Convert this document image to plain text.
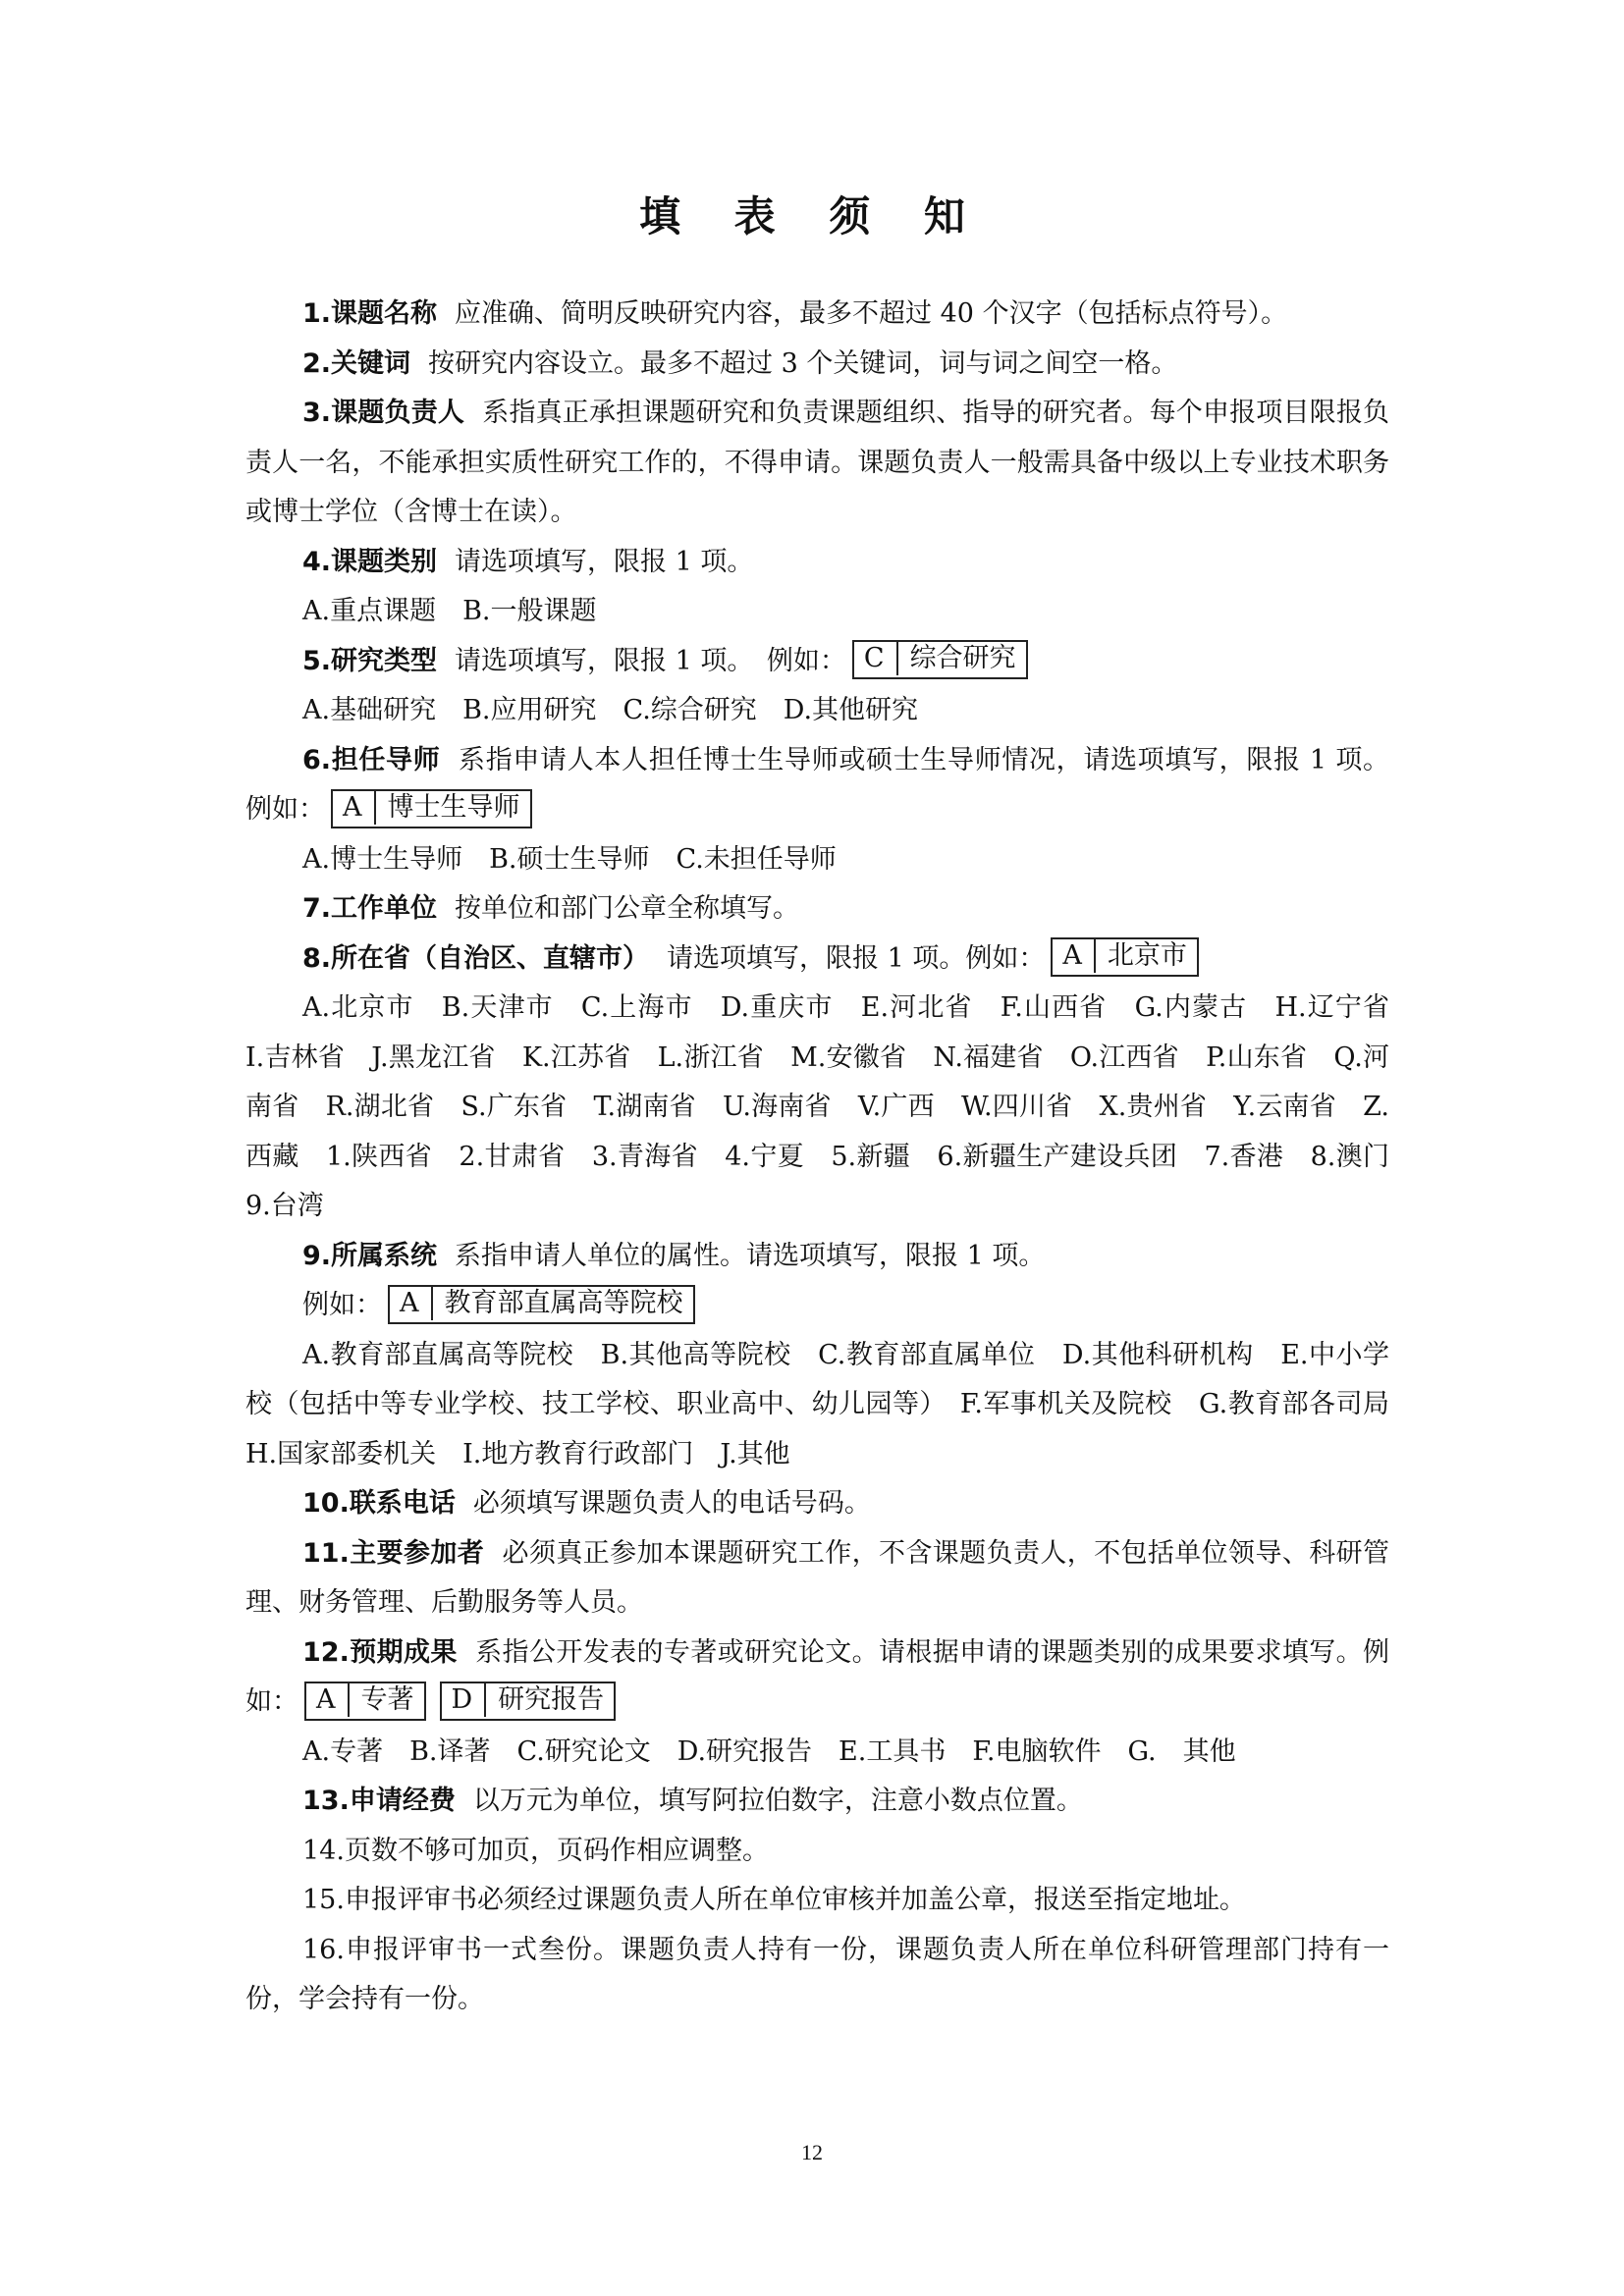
填 表 须 知

1.课题名称 应准确、简明反映研究内容，最多不超过 40 个汉字（包括标点符号）。

2.关键词 按研究内容设立。最多不超过 3 个关键词，词与词之间空一格。

3.课题负责人 系指真正承担课题研究和负责课题组织、指导的研究者。每个申报项目限报负责人一名，不能承担实质性研究工作的，不得申请。课题负责人一般需具备中级以上专业技术职务或博士学位（含博士在读）。

4.课题类别 请选项填写，限报 1 项。

A.重点课题　B.一般课题

5.研究类型 请选项填写，限报 1 项。　例如： C 综合研究

A.基础研究　B.应用研究　C.综合研究　D.其他研究

6.担任导师 系指申请人本人担任博士生导师或硕士生导师情况，请选项填写，限报 1 项。例如： A 博士生导师

A.博士生导师　B.硕士生导师　C.未担任导师

7.工作单位 按单位和部门公章全称填写。

8.所在省（自治区、直辖市） 请选项填写，限报 1 项。例如： A 北京市

A.北京市　B.天津市　C.上海市　D.重庆市　E.河北省　F.山西省　G.内蒙古　H.辽宁省　I.吉林省　J.黑龙江省　K.江苏省　L.浙江省　M.安徽省　N.福建省　O.江西省　P.山东省　Q.河南省　R.湖北省　S.广东省　T.湖南省　U.海南省　V.广西　W.四川省　X.贵州省　Y.云南省　Z.西藏　1.陕西省　2.甘肃省　3.青海省　4.宁夏　5.新疆　6.新疆生产建设兵团　7.香港　8.澳门　9.台湾

9.所属系统 系指申请人单位的属性。请选项填写，限报 1 项。

例如： A 教育部直属高等院校

A.教育部直属高等院校　B.其他高等院校　C.教育部直属单位　D.其他科研机构　E.中小学校（包括中等专业学校、技工学校、职业高中、幼儿园等）　F.军事机关及院校　G.教育部各司局　H.国家部委机关　I.地方教育行政部门　J.其他

10.联系电话 必须填写课题负责人的电话号码。

11.主要参加者 必须真正参加本课题研究工作，不含课题负责人，不包括单位领导、科研管理、财务管理、后勤服务等人员。

12.预期成果 系指公开发表的专著或研究论文。请根据申请的课题类别的成果要求填写。例如： A 专著 D 研究报告

A.专著　B.译著　C.研究论文　D.研究报告　E.工具书　F.电脑软件　G.　其他

13.申请经费 以万元为单位，填写阿拉伯数字，注意小数点位置。

14.页数不够可加页，页码作相应调整。

15.申报评审书必须经过课题负责人所在单位审核并加盖公章，报送至指定地址。

16.申报评审书一式叁份。课题负责人持有一份，课题负责人所在单位科研管理部门持有一份，学会持有一份。

12
